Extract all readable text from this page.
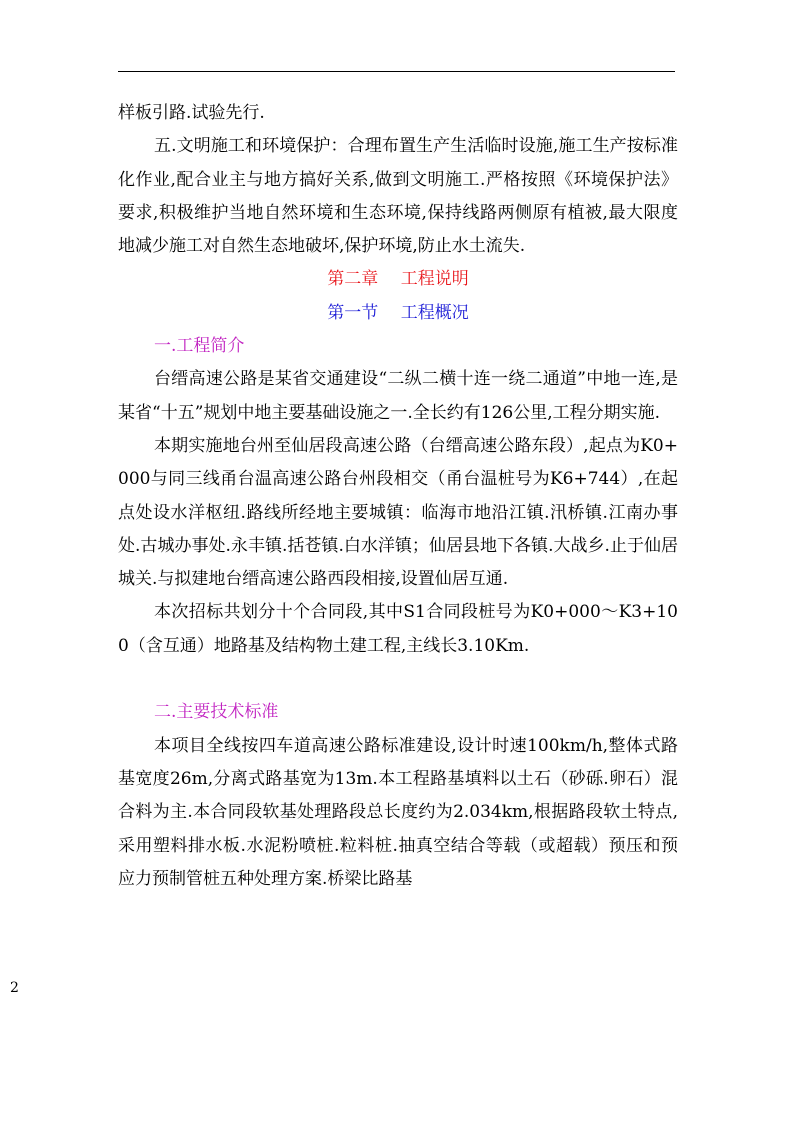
样板引路.试验先行.

五.文明施工和环境保护：合理布置生产生活临时设施,施工生产按标准化作业,配合业主与地方搞好关系,做到文明施工.严格按照《环境保护法》要求,积极维护当地自然环境和生态环境,保持线路两侧原有植被,最大限度地减少施工对自然生态地破坏,保护环境,防止水土流失.

第二章　 工程说明

第一节　 工程概况

一.工程简介

台缙高速公路是某省交通建设“二纵二横十连一绕二通道”中地一连,是某省“十五”规划中地主要基础设施之一.全长约有126公里,工程分期实施.

本期实施地台州至仙居段高速公路（台缙高速公路东段）,起点为K0+000与同三线甬台温高速公路台州段相交（甬台温桩号为K6+744）,在起点处设水洋枢纽.路线所经地主要城镇：临海市地沿江镇.汛桥镇.江南办事处.古城办事处.永丰镇.括苍镇.白水洋镇；仙居县地下各镇.大战乡.止于仙居城关.与拟建地台缙高速公路西段相接,设置仙居互通.

本次招标共划分十个合同段,其中S1合同段桩号为K0+000～K3+100（含互通）地路基及结构物土建工程,主线长3.10Km.

二.主要技术标准

本项目全线按四车道高速公路标准建设,设计时速100km/h,整体式路基宽度26m,分离式路基宽为13m.本工程路基填料以土石（砂砾.卵石）混合料为主.本合同段软基处理路段总长度约为2.034km,根据路段软土特点,采用塑料排水板.水泥粉喷桩.粒料桩.抽真空结合等载（或超载）预压和预应力预制管桩五种处理方案.桥梁比路基

2
